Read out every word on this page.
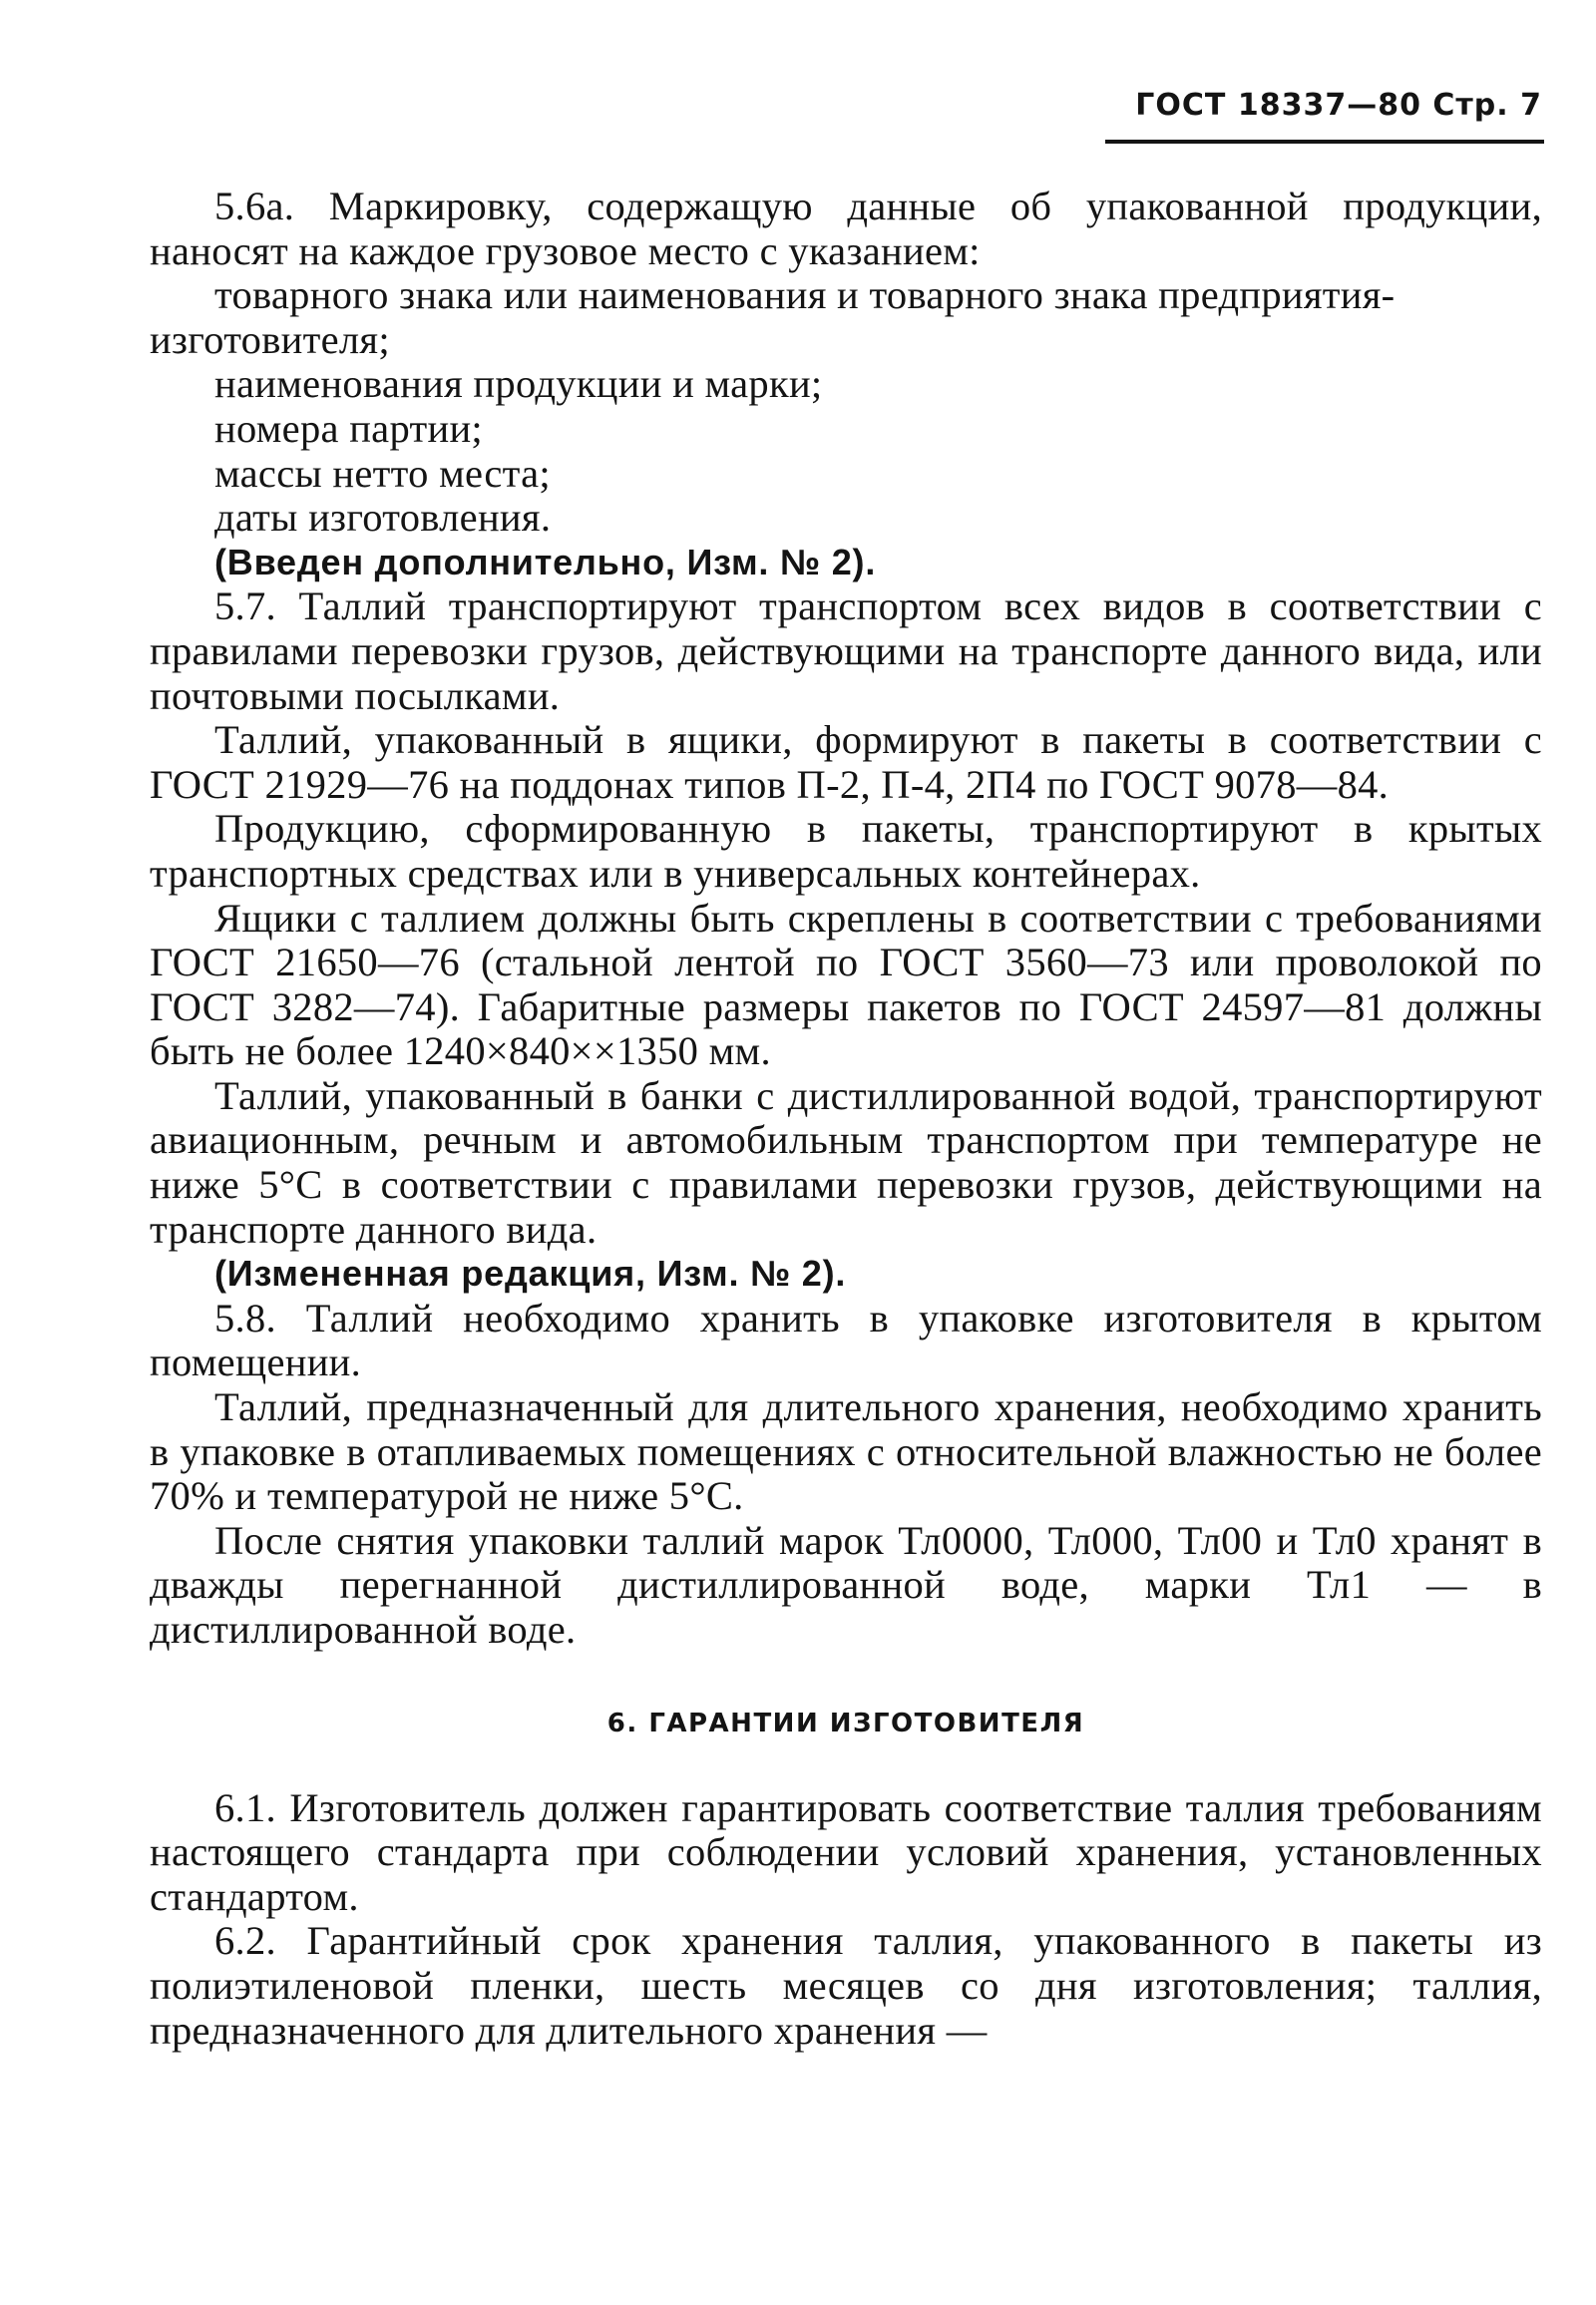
ГОСТ 18337—80 Стр. 7

5.6а. Маркировку, содержащую данные об упакованной продукции, наносят на каждое грузовое место с указанием:

товарного знака или наименования и товарного знака предприятия-изготовителя;

наименования продукции и марки;

номера партии;

массы нетто места;

даты изготовления.

(Введен дополнительно, Изм. № 2).

5.7. Таллий транспортируют транспортом всех видов в соответствии с правилами перевозки грузов, действующими на транспорте данного вида, или почтовыми посылками.

Таллий, упакованный в ящики, формируют в пакеты в соответствии с ГОСТ 21929—76 на поддонах типов П-2, П-4, 2П4 по ГОСТ 9078—84.

Продукцию, сформированную в пакеты, транспортируют в крытых транспортных средствах или в универсальных контейнерах.

Ящики с таллием должны быть скреплены в соответствии с требованиями ГОСТ 21650—76 (стальной лентой по ГОСТ 3560—73 или проволокой по ГОСТ 3282—74). Габаритные размеры пакетов по ГОСТ 24597—81 должны быть не более 1240×840××1350 мм.

Таллий, упакованный в банки с дистиллированной водой, транспортируют авиационным, речным и автомобильным транспортом при температуре не ниже 5°С в соответствии с правилами перевозки грузов, действующими на транспорте данного вида.

(Измененная редакция, Изм. № 2).

5.8. Таллий необходимо хранить в упаковке изготовителя в крытом помещении.

Таллий, предназначенный для длительного хранения, необходимо хранить в упаковке в отапливаемых помещениях с относительной влажностью не более 70% и температурой не ниже 5°С.

После снятия упаковки таллий марок Тл0000, Тл000, Тл00 и Тл0 хранят в дважды перегнанной дистиллированной воде, марки Тл1 — в дистиллированной воде.

6. ГАРАНТИИ ИЗГОТОВИТЕЛЯ

6.1. Изготовитель должен гарантировать соответствие таллия требованиям настоящего стандарта при соблюдении условий хранения, установленных стандартом.

6.2. Гарантийный срок хранения таллия, упакованного в пакеты из полиэтиленовой пленки, шесть месяцев со дня изготовления; таллия, предназначенного для длительного хранения —
